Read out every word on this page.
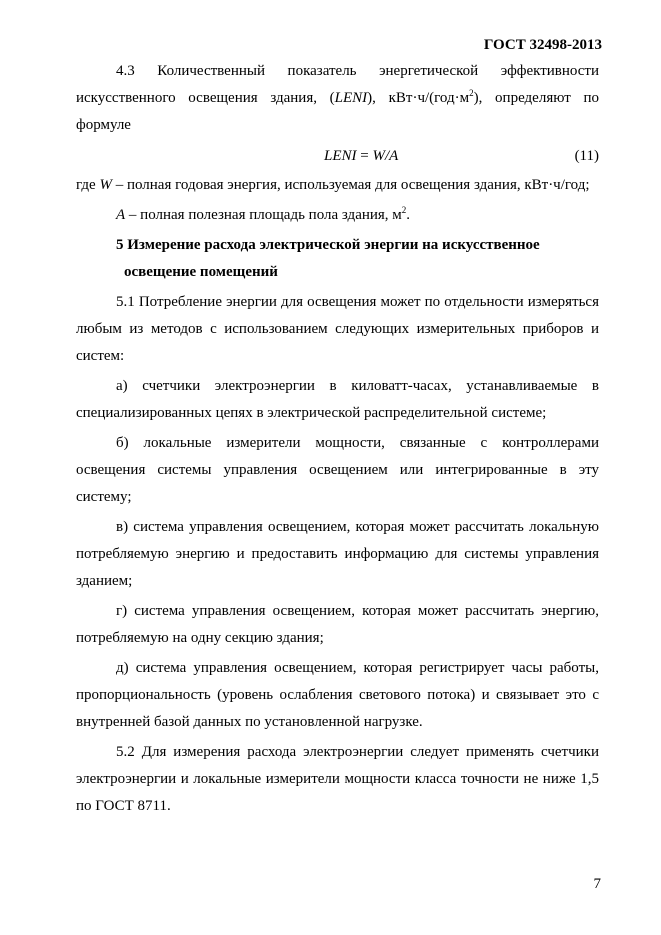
ГОСТ 32498-2013

4.3 Количественный показатель энергетической эффективности искусственного освещения здания, (LENI), $кВт\cdot ч/(год\cdot м^2)$, определяют по формуле

LENI = W/A	(11)

где W – полная годовая энергия, используемая для освещения здания, кВт·ч/год;

A – полная полезная площадь пола здания, $м^2$.

5 Измерение расхода электрической энергии на искусственное
освещение помещений

5.1 Потребление энергии для освещения может по отдельности измеряться любым из методов с использованием следующих измерительных приборов и систем:

а) счетчики электроэнергии в киловатт-часах, устанавливаемые в специализированных цепях в электрической распределительной системе;

б) локальные измерители мощности, связанные с контроллерами освещения системы управления освещением или интегрированные в эту систему;

в) система управления освещением, которая может рассчитать локальную потребляемую энергию и предоставить информацию для системы управления зданием;

г) система управления освещением, которая может рассчитать энергию, потребляемую на одну секцию здания;

д) система управления освещением, которая регистрирует часы работы, пропорциональность (уровень ослабления светового потока) и связывает это с внутренней базой данных по установленной нагрузке.

5.2 Для измерения расхода электроэнергии следует применять счетчики электроэнергии и локальные измерители мощности класса точности не ниже 1,5 по ГОСТ 8711.

7
